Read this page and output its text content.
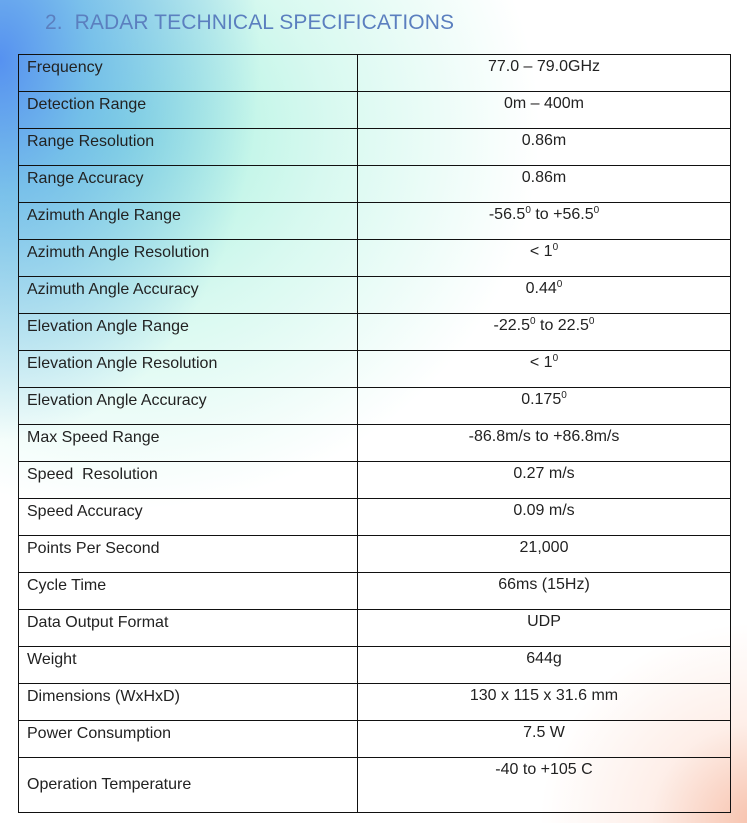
2. RADAR TECHNICAL SPECIFICATIONS
Frequency	77.0 – 79.0GHz
Detection Range	0m – 400m
Range Resolution	0.86m
Range Accuracy	0.86m
Azimuth Angle Range	-56.5$^0$ to $+56.5^0$
Azimuth Angle Resolution	< $1^0$
Azimuth Angle Accuracy	0.44$^0$
Elevation Angle Range	-22.5$^0$ to 22.5$^0$
Elevation Angle Resolution	< $1^0$
Elevation Angle Accuracy	0.175$^0$
Max Speed Range	-86.8m/s to +86.8m/s
Speed  Resolution	0.27 m/s
Speed Accuracy	0.09 m/s
Points Per Second	21,000
Cycle Time	66ms (15Hz)
Data Output Format	UDP
Weight	644g
Dimensions (WxHxD)	130 x 115 x 31.6 mm
Power Consumption	7.5 W
Operation Temperature	-40 to +105 C
